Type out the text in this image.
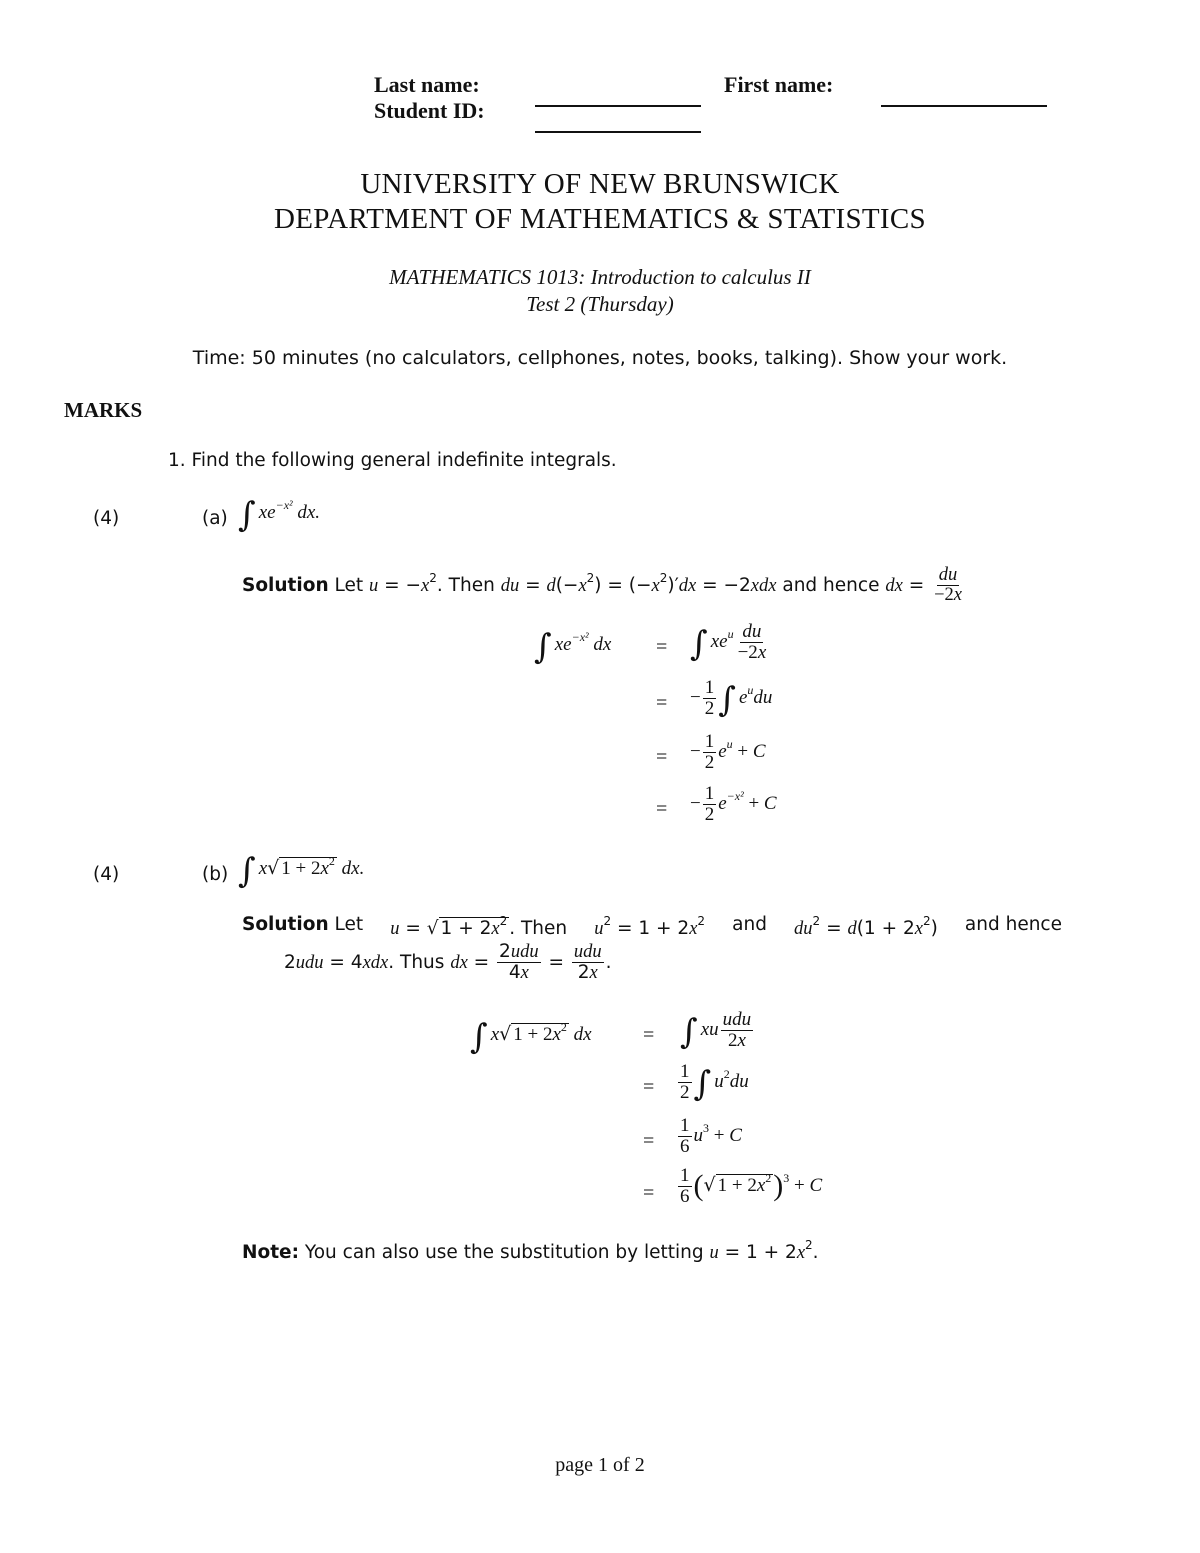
Last name:	First name:
Student ID:
UNIVERSITY OF NEW BRUNSWICK
DEPARTMENT OF MATHEMATICS & STATISTICS
MATHEMATICS 1013: Introduction to calculus II
Test 2 (Thursday)
Time: 50 minutes (no calculators, cellphones, notes, books, talking). Show your work.
MARKS
1. Find the following general indefinite integrals.
(4)	(a) ∫ $xe^{-x^2}$ dx.
Solution Let $u = -x^2$. Then du = $d(-x^2) = (-x^2)'dx = -2xdx$ and hence dx = $\frac{du}{-2x}$
∫ $xe^{-x^2}$ dx = ∫ $xe^u \frac{du}{-2x}$
= − $\frac{1}{2}$ ∫ $e^udu$
= − $\frac{1}{2} e^u + C$
= − $\frac{1}{2} e^{-x^2} + C$
(4)	(b) ∫ x√ $1 + 2x^2$ dx.
Solution Let u = √ $1 + 2x^2$ . Then $u^2 = 1 + 2x^2$ and $du^2 = d(1 + 2x^2)$ and hence
2udu = 4xdx. Thus dx = $\frac{\text{2udu}}{4x} = \frac{\text{udu}}{2x}$ .
∫ x√ $1 + 2x^2$ dx	= ∫ xu $\frac{\text{udu}}{2x}$
= $\frac{1}{2}$ ∫ $u^2du$
= $\frac{1}{6} u^3 + C$
= $\frac{1}{6}$ (√ $1 + 2x^2)^3 + C$
Note: You can also use the substitution by letting $u = 1 + 2x^2$.
page 1 of 2
